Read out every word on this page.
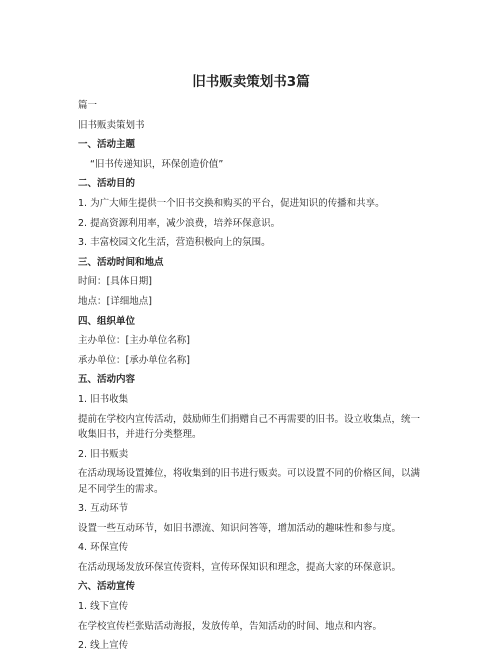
旧书贩卖策划书3篇
篇一
旧书贩卖策划书
一、活动主题
“旧书传递知识，环保创造价值”
二、活动目的
1. 为广大师生提供一个旧书交换和购买的平台，促进知识的传播和共享。
2. 提高资源利用率，减少浪费，培养环保意识。
3. 丰富校园文化生活，营造积极向上的氛围。
三、活动时间和地点
时间：[具体日期]
地点：[详细地点]
四、组织单位
主办单位：[主办单位名称]
承办单位：[承办单位名称]
五、活动内容
1. 旧书收集
提前在学校内宣传活动，鼓励师生们捐赠自己不再需要的旧书。设立收集点，统一收集旧书，并进行分类整理。
2. 旧书贩卖
在活动现场设置摊位，将收集到的旧书进行贩卖。可以设置不同的价格区间，以满足不同学生的需求。
3. 互动环节
设置一些互动环节，如旧书漂流、知识问答等，增加活动的趣味性和参与度。
4. 环保宣传
在活动现场发放环保宣传资料，宣传环保知识和理念，提高大家的环保意识。
六、活动宣传
1. 线下宣传
在学校宣传栏张贴活动海报，发放传单，告知活动的时间、地点和内容。
2. 线上宣传
